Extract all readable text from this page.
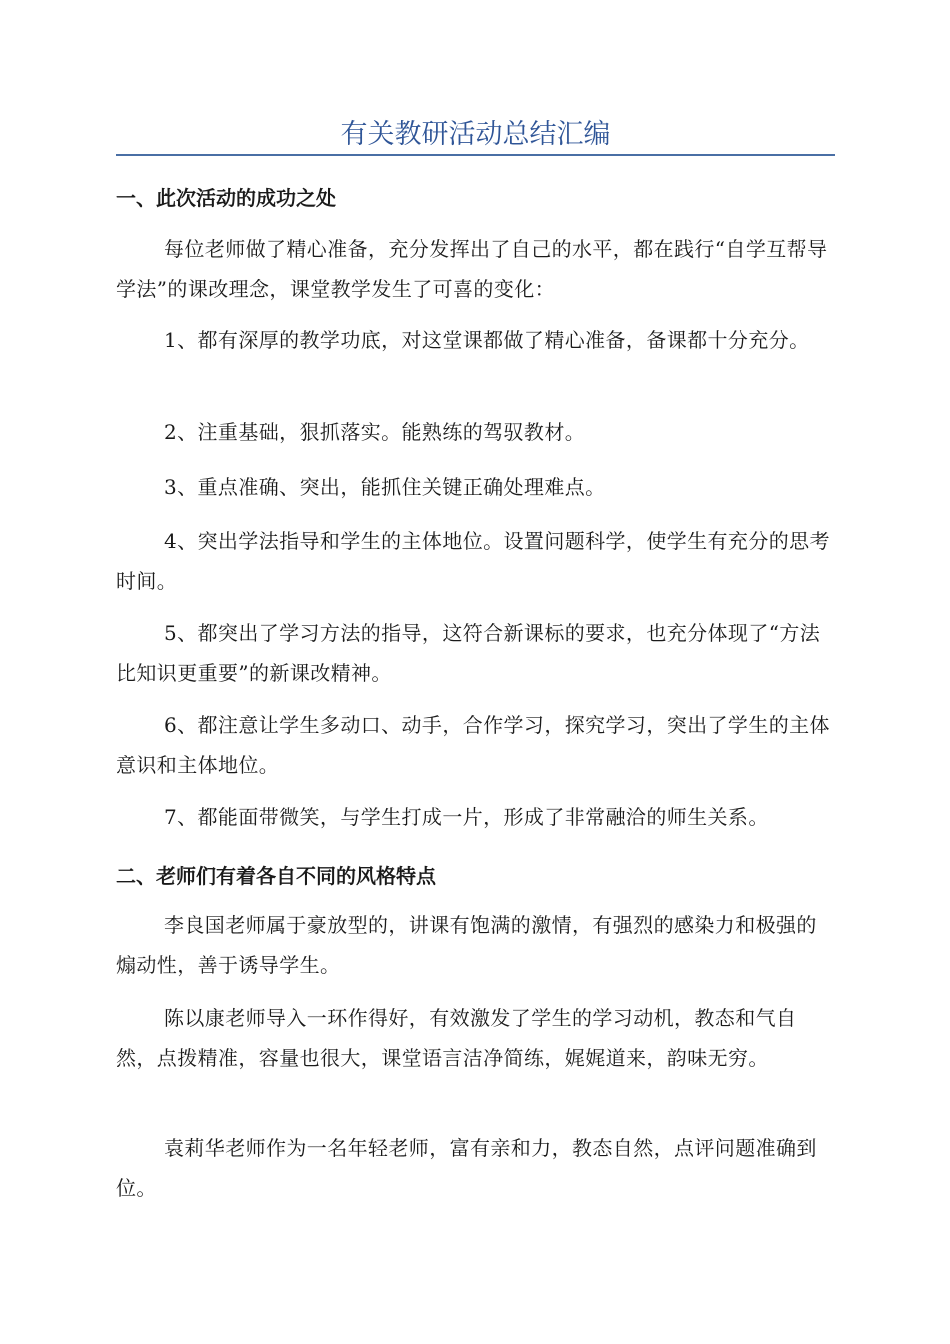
有关教研活动总结汇编
一、此次活动的成功之处

每位老师做了精心准备，充分发挥出了自己的水平，都在践行“自学互帮导学法”的课改理念，课堂教学发生了可喜的变化：

1、都有深厚的教学功底，对这堂课都做了精心准备，备课都十分充分。

2、注重基础，狠抓落实。能熟练的驾驭教材。

3、重点准确、突出，能抓住关键正确处理难点。

4、突出学法指导和学生的主体地位。设置问题科学，使学生有充分的思考时间。

5、都突出了学习方法的指导，这符合新课标的要求，也充分体现了“方法比知识更重要”的新课改精神。

6、都注意让学生多动口、动手，合作学习，探究学习，突出了学生的主体意识和主体地位。

7、都能面带微笑，与学生打成一片，形成了非常融洽的师生关系。

二、老师们有着各自不同的风格特点

李良国老师属于豪放型的，讲课有饱满的激情，有强烈的感染力和极强的煽动性，善于诱导学生。

陈以康老师导入一环作得好，有效激发了学生的学习动机，教态和气自然，点拨精准，容量也很大，课堂语言洁净简练，娓娓道来，韵味无穷。

袁莉华老师作为一名年轻老师，富有亲和力，教态自然，点评问题准确到位。
